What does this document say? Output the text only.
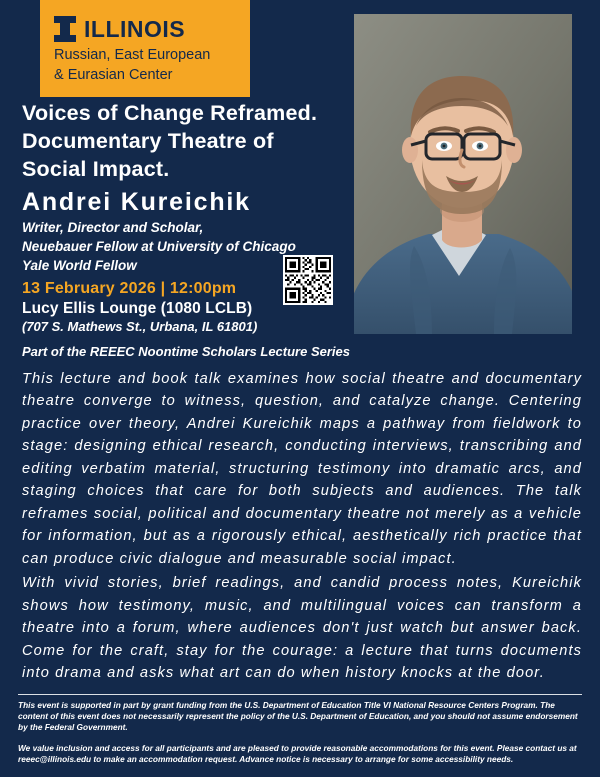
ILLINOIS
Russian, East European
& Eurasian Center
Voices of Change Reframed. Documentary Theatre of Social Impact.
Andrei Kureichik
Writer, Director and Scholar,
Neuebauer Fellow at University of Chicago
Yale World Fellow
13 February 2026 | 12:00pm
Lucy Ellis Lounge (1080 LCLB)
(707 S. Mathews St., Urbana, IL 61801)
Part of the REEEC Noontime Scholars Lecture Series

This lecture and book talk examines how social theatre and documentary theatre converge to witness, question, and catalyze change. Centering practice over theory, Andrei Kureichik maps a pathway from fieldwork to stage: designing ethical research, conducting interviews, transcribing and editing verbatim material, structuring testimony into dramatic arcs, and staging choices that care for both subjects and audiences. The talk reframes social, political and documentary theatre not merely as a vehicle for information, but as a rigorously ethical, aesthetically rich practice that can produce civic dialogue and measurable social impact.

With vivid stories, brief readings, and candid process notes, Kureichik shows how testimony, music, and multilingual voices can transform a theatre into a forum, where audiences don't just watch but answer back. Come for the craft, stay for the courage: a lecture that turns documents into drama and asks what art can do when history knocks at the door.

This event is supported in part by grant funding from the U.S. Department of Education Title VI National Resource Centers Program. The content of this event does not necessarily represent the policy of the U.S. Department of Education, and you should not assume endorsement by the Federal Government.

We value inclusion and access for all participants and are pleased to provide reasonable accommodations for this event. Please contact us at reeec@illinois.edu to make an accommodation request. Advance notice is necessary to arrange for some accessibility needs.
